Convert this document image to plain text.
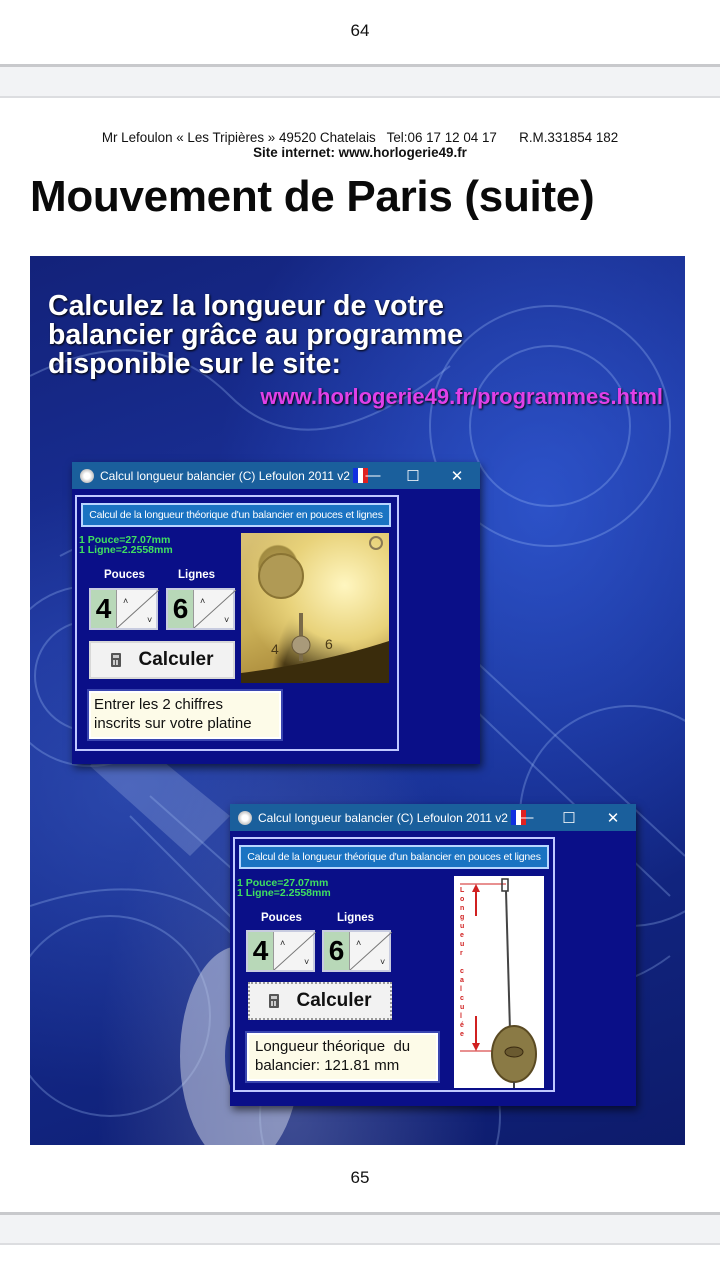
64
Mr Lefoulon « Les Tripières » 49520 Chatelais   Tel:06 17 12 04 17      R.M.331854 182
Site internet: www.horlogerie49.fr
Mouvement de Paris (suite)
Calculez la longueur de votre
balancier grâce au programme
disponible sur le site:
www.horlogerie49.fr/programmes.html
Calcul longueur balancier (C) Lefoulon 2011 v2	—	☐	✕
Calcul de la longueur théorique d'un balancier en pouces et lignes
1 Pouce=27.07mm
1 Ligne=2.2558mm
Pouces	Lignes
4	˄
˅ 6	˄
˅
Calculer
Entrer les 2 chiffres
inscrits sur votre platine
4	6
Calcul longueur balancier (C) Lefoulon 2011 v2 —	☐	✕
Calcul de la longueur théorique d'un balancier en pouces et lignes
1 Pouce=27.07mm
1 Ligne=2.2558mm
Pouces	Lignes
4	˄
˅ 6	˄
˅
Calculer
Longueur théorique  du
balancier: 121.81 mm
L o n g u e u r c a l c u l é e
65
